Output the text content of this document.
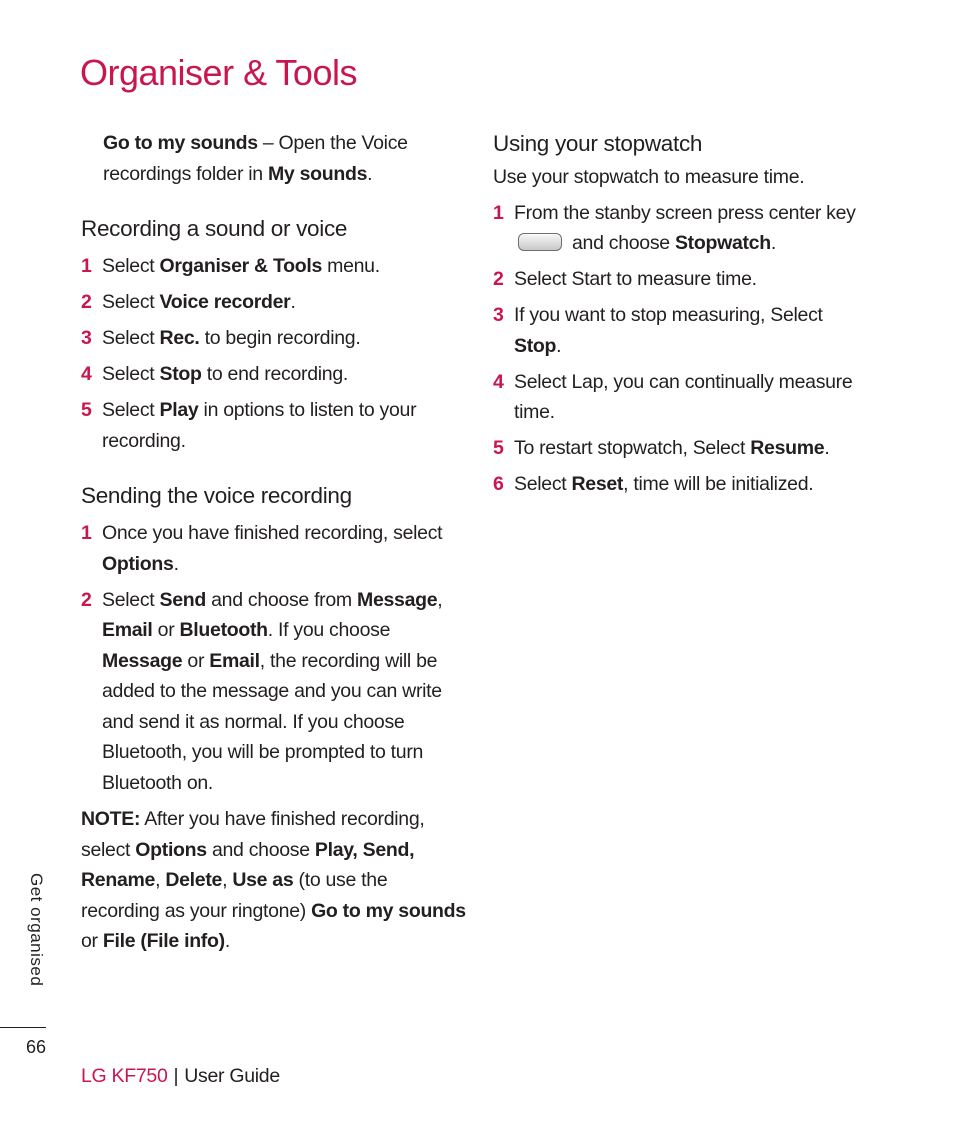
Organiser & Tools

Go to my sounds – Open the Voice recordings folder in My sounds.

Recording a sound or voice
1 Select Organiser & Tools menu.

2 Select Voice recorder.

3 Select Rec. to begin recording.

4 Select Stop to end recording.

5 Select Play in options to listen to your recording.

Sending the voice recording
1 Once you have finished recording, select Options.

2 Select Send and choose from Message, Email or Bluetooth. If you choose Message or Email, the recording will be added to the message and you can write and send it as normal. If you choose Bluetooth, you will be prompted to turn Bluetooth on.

NOTE: After you have finished recording, select Options and choose Play, Send, Rename, Delete, Use as (to use the recording as your ringtone) Go to my sounds or File (File info).

Using your stopwatch

Use your stopwatch to measure time.

1 From the stanby screen press center key and choose Stopwatch.

2 Select Start to measure time.

3 If you want to stop measuring, Select Stop.

4 Select Lap, you can continually measure time.

5 To restart stopwatch, Select Resume.

6 Select Reset, time will be initialized.

Get organised
66
LG KF750 | User Guide
